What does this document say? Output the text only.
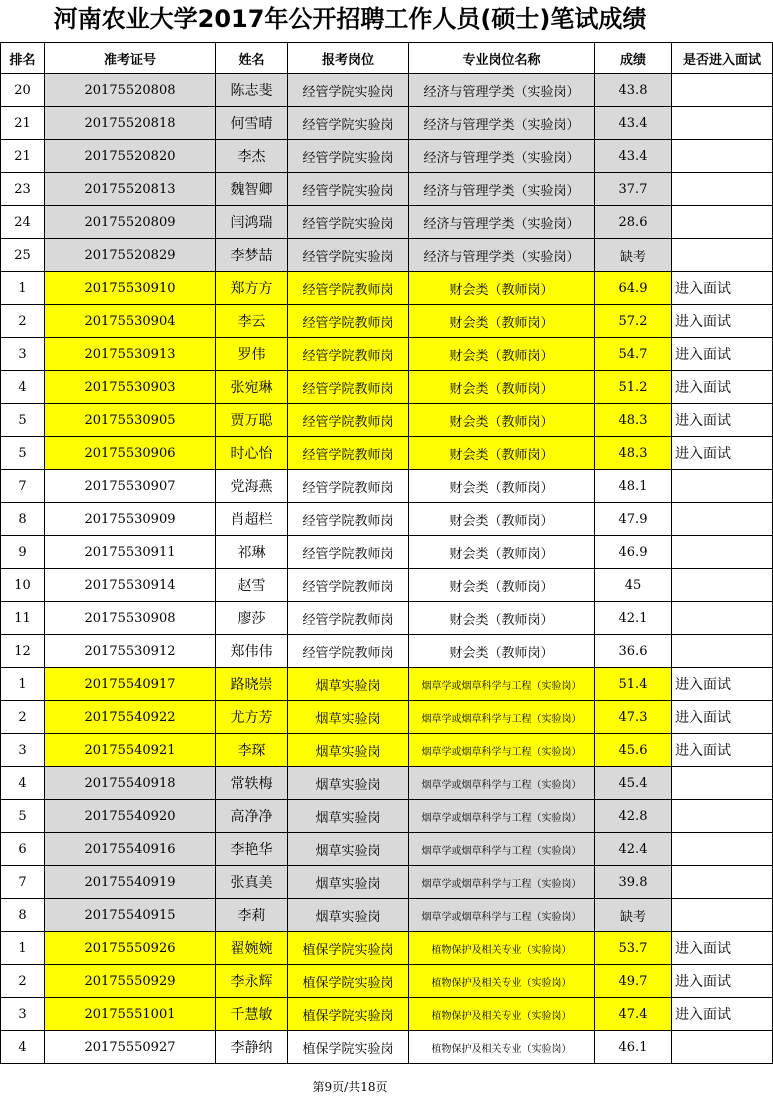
河南农业大学2017年公开招聘工作人员(硕士)笔试成绩
排名	准考证号	姓名	报考岗位	专业岗位名称	成绩	是否进入面试
20	20175520808	陈志斐	经管学院实验岗	经济与管理学类（实验岗）	43.8	
21	20175520818	何雪晴	经管学院实验岗	经济与管理学类（实验岗）	43.4	
21	20175520820	李杰	经管学院实验岗	经济与管理学类（实验岗）	43.4	
23	20175520813	魏智卿	经管学院实验岗	经济与管理学类（实验岗）	37.7	
24	20175520809	闫鸿瑞	经管学院实验岗	经济与管理学类（实验岗）	28.6	
25	20175520829	李梦喆	经管学院实验岗	经济与管理学类（实验岗）	缺考	
1	20175530910	郑方方	经管学院教师岗	财会类（教师岗）	64.9	进入面试
2	20175530904	李云	经管学院教师岗	财会类（教师岗）	57.2	进入面试
3	20175530913	罗伟	经管学院教师岗	财会类（教师岗）	54.7	进入面试
4	20175530903	张宛琳	经管学院教师岗	财会类（教师岗）	51.2	进入面试
5	20175530905	贾万聪	经管学院教师岗	财会类（教师岗）	48.3	进入面试
5	20175530906	时心怡	经管学院教师岗	财会类（教师岗）	48.3	进入面试
7	20175530907	党海燕	经管学院教师岗	财会类（教师岗）	48.1	
8	20175530909	肖超栏	经管学院教师岗	财会类（教师岗）	47.9	
9	20175530911	祁琳	经管学院教师岗	财会类（教师岗）	46.9	
10	20175530914	赵雪	经管学院教师岗	财会类（教师岗）	45	
11	20175530908	廖莎	经管学院教师岗	财会类（教师岗）	42.1	
12	20175530912	郑伟伟	经管学院教师岗	财会类（教师岗）	36.6	
1	20175540917	路晓崇	烟草实验岗	烟草学或烟草科学与工程（实验岗）	51.4	进入面试
2	20175540922	尤方芳	烟草实验岗	烟草学或烟草科学与工程（实验岗）	47.3	进入面试
3	20175540921	李琛	烟草实验岗	烟草学或烟草科学与工程（实验岗）	45.6	进入面试
4	20175540918	常轶梅	烟草实验岗	烟草学或烟草科学与工程（实验岗）	45.4	
5	20175540920	高净净	烟草实验岗	烟草学或烟草科学与工程（实验岗）	42.8	
6	20175540916	李艳华	烟草实验岗	烟草学或烟草科学与工程（实验岗）	42.4	
7	20175540919	张真美	烟草实验岗	烟草学或烟草科学与工程（实验岗）	39.8	
8	20175540915	李莉	烟草实验岗	烟草学或烟草科学与工程（实验岗）	缺考	
1	20175550926	翟婉婉	植保学院实验岗	植物保护及相关专业（实验岗）	53.7	进入面试
2	20175550929	李永辉	植保学院实验岗	植物保护及相关专业（实验岗）	49.7	进入面试
3	20175551001	千慧敏	植保学院实验岗	植物保护及相关专业（实验岗）	47.4	进入面试
4	20175550927	李静纳	植保学院实验岗	植物保护及相关专业（实验岗）	46.1	
第9页/共18页
